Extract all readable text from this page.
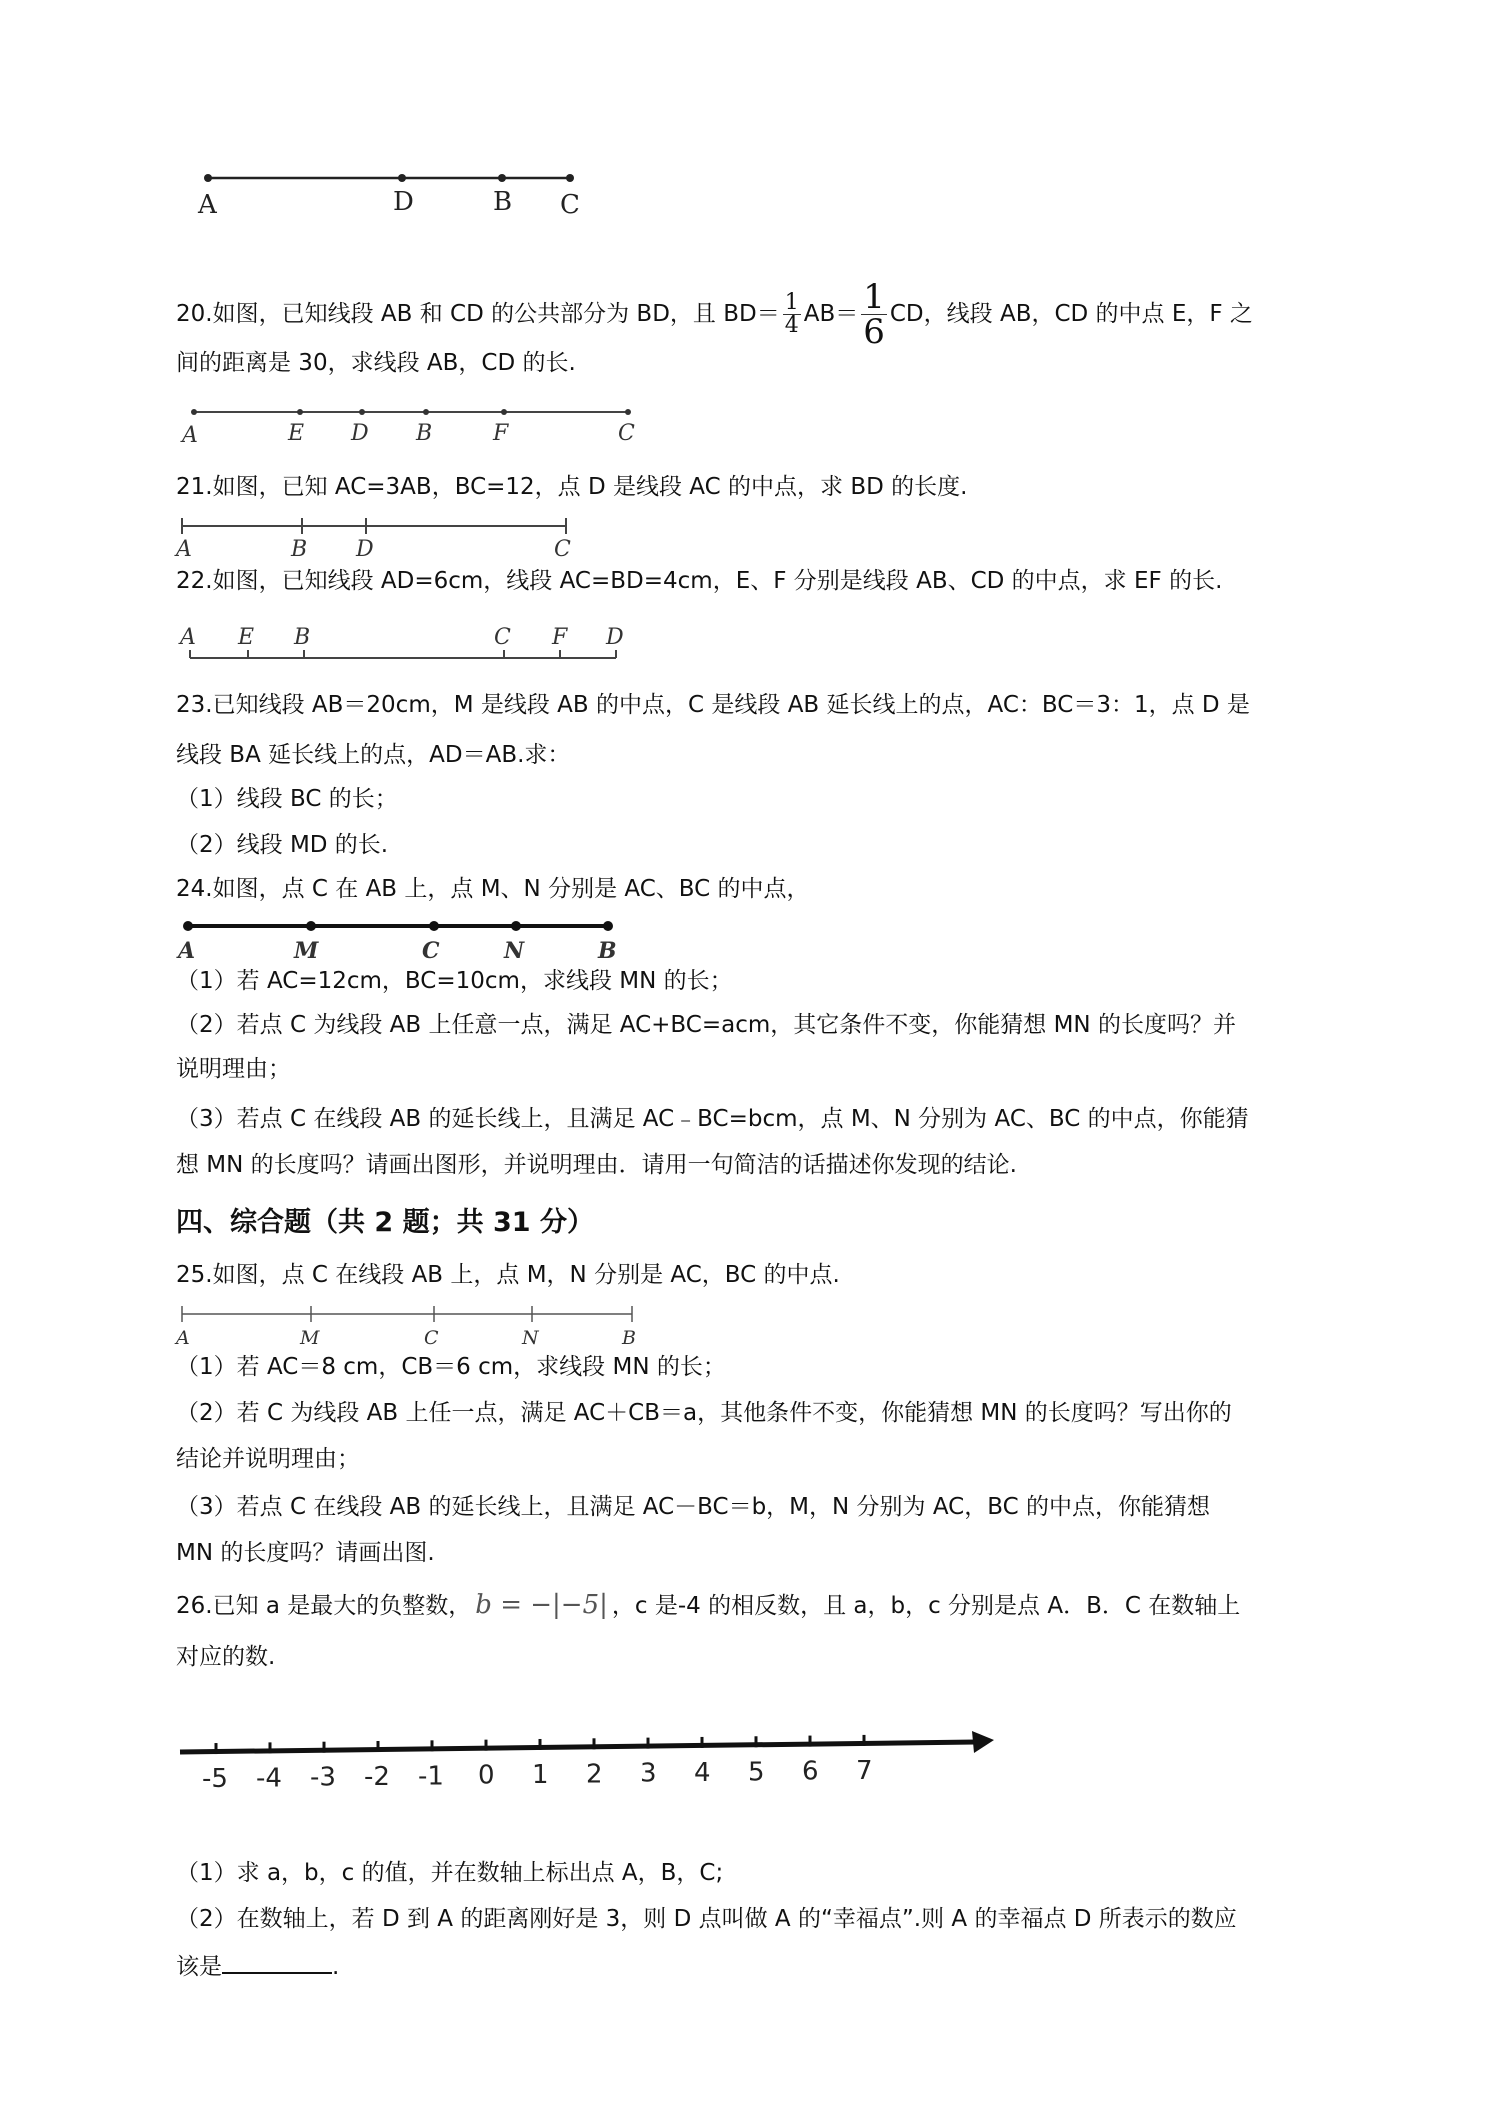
A	D	B C
20.如图，已知线段 AB 和 CD 的公共部分为 BD，且 $BD= \frac{1}{4} AB= \frac{1}{6}$ CD，线段 AB，CD 的中点 E，F 之
间的距离是 30，求线段 AB，CD 的长.
A	E D B	F	C
21.如图，已知 AC=3AB，BC=12，点 D 是线段 AC 的中点，求 BD 的长度.
A	B D	C
22.如图，已知线段 AD=6cm，线段 AC=BD=4cm，E、F 分别是线段 AB、CD 的中点，求 EF 的长.
A E B	C F D
23.已知线段 AB＝20cm，M 是线段 AB 的中点，C 是线段 AB 延长线上的点，AC：BC＝3：1，点 D 是
线段 BA 延长线上的点，AD＝AB.求：
（1）线段 BC 的长；
（2）线段 MD 的长.
24.如图，点 C 在 AB 上，点 M、N 分别是 AC、BC 的中点，
A	M	C	N	B
（1）若 AC=12cm，BC=10cm，求线段 MN 的长；
（2）若点 C 为线段 AB 上任意一点，满足 AC+BC=acm，其它条件不变，你能猜想 MN 的长度吗？并
说明理由；
（3）若点 C 在线段 AB 的延长线上，且满足 AC﹣BC=bcm，点 M、N 分别为 AC、BC 的中点，你能猜
想 MN 的长度吗？请画出图形，并说明理由．请用一句简洁的话描述你发现的结论.
四、综合题（共 2 题；共 31 分）
25.如图，点 C 在线段 AB 上，点 M，N 分别是 AC，BC 的中点.
A	M	C	N	B
（1）若 AC＝8 cm，CB＝6 cm，求线段 MN 的长；
（2）若 C 为线段 AB 上任一点，满足 AC＋CB＝a，其他条件不变，你能猜想 MN 的长度吗？写出你的
结论并说明理由；
（3）若点 C 在线段 AB 的延长线上，且满足 AC－BC＝b，M，N 分别为 AC，BC 的中点，你能猜想
MN 的长度吗？请画出图.
26.已知 a 是最大的负整数， b = −|−5| ，c 是-4 的相反数，且 a，b，c 分别是点 A．B．C 在数轴上
对应的数.
-5 -4 -3 -2 -1 0 1 2 3 4 5 6 7
（1）求 a，b，c 的值，并在数轴上标出点 A，B，C;
（2）在数轴上，若 D 到 A 的距离刚好是 3，则 D 点叫做 A 的“幸福点”.则 A 的幸福点 D 所表示的数应
该是	.
